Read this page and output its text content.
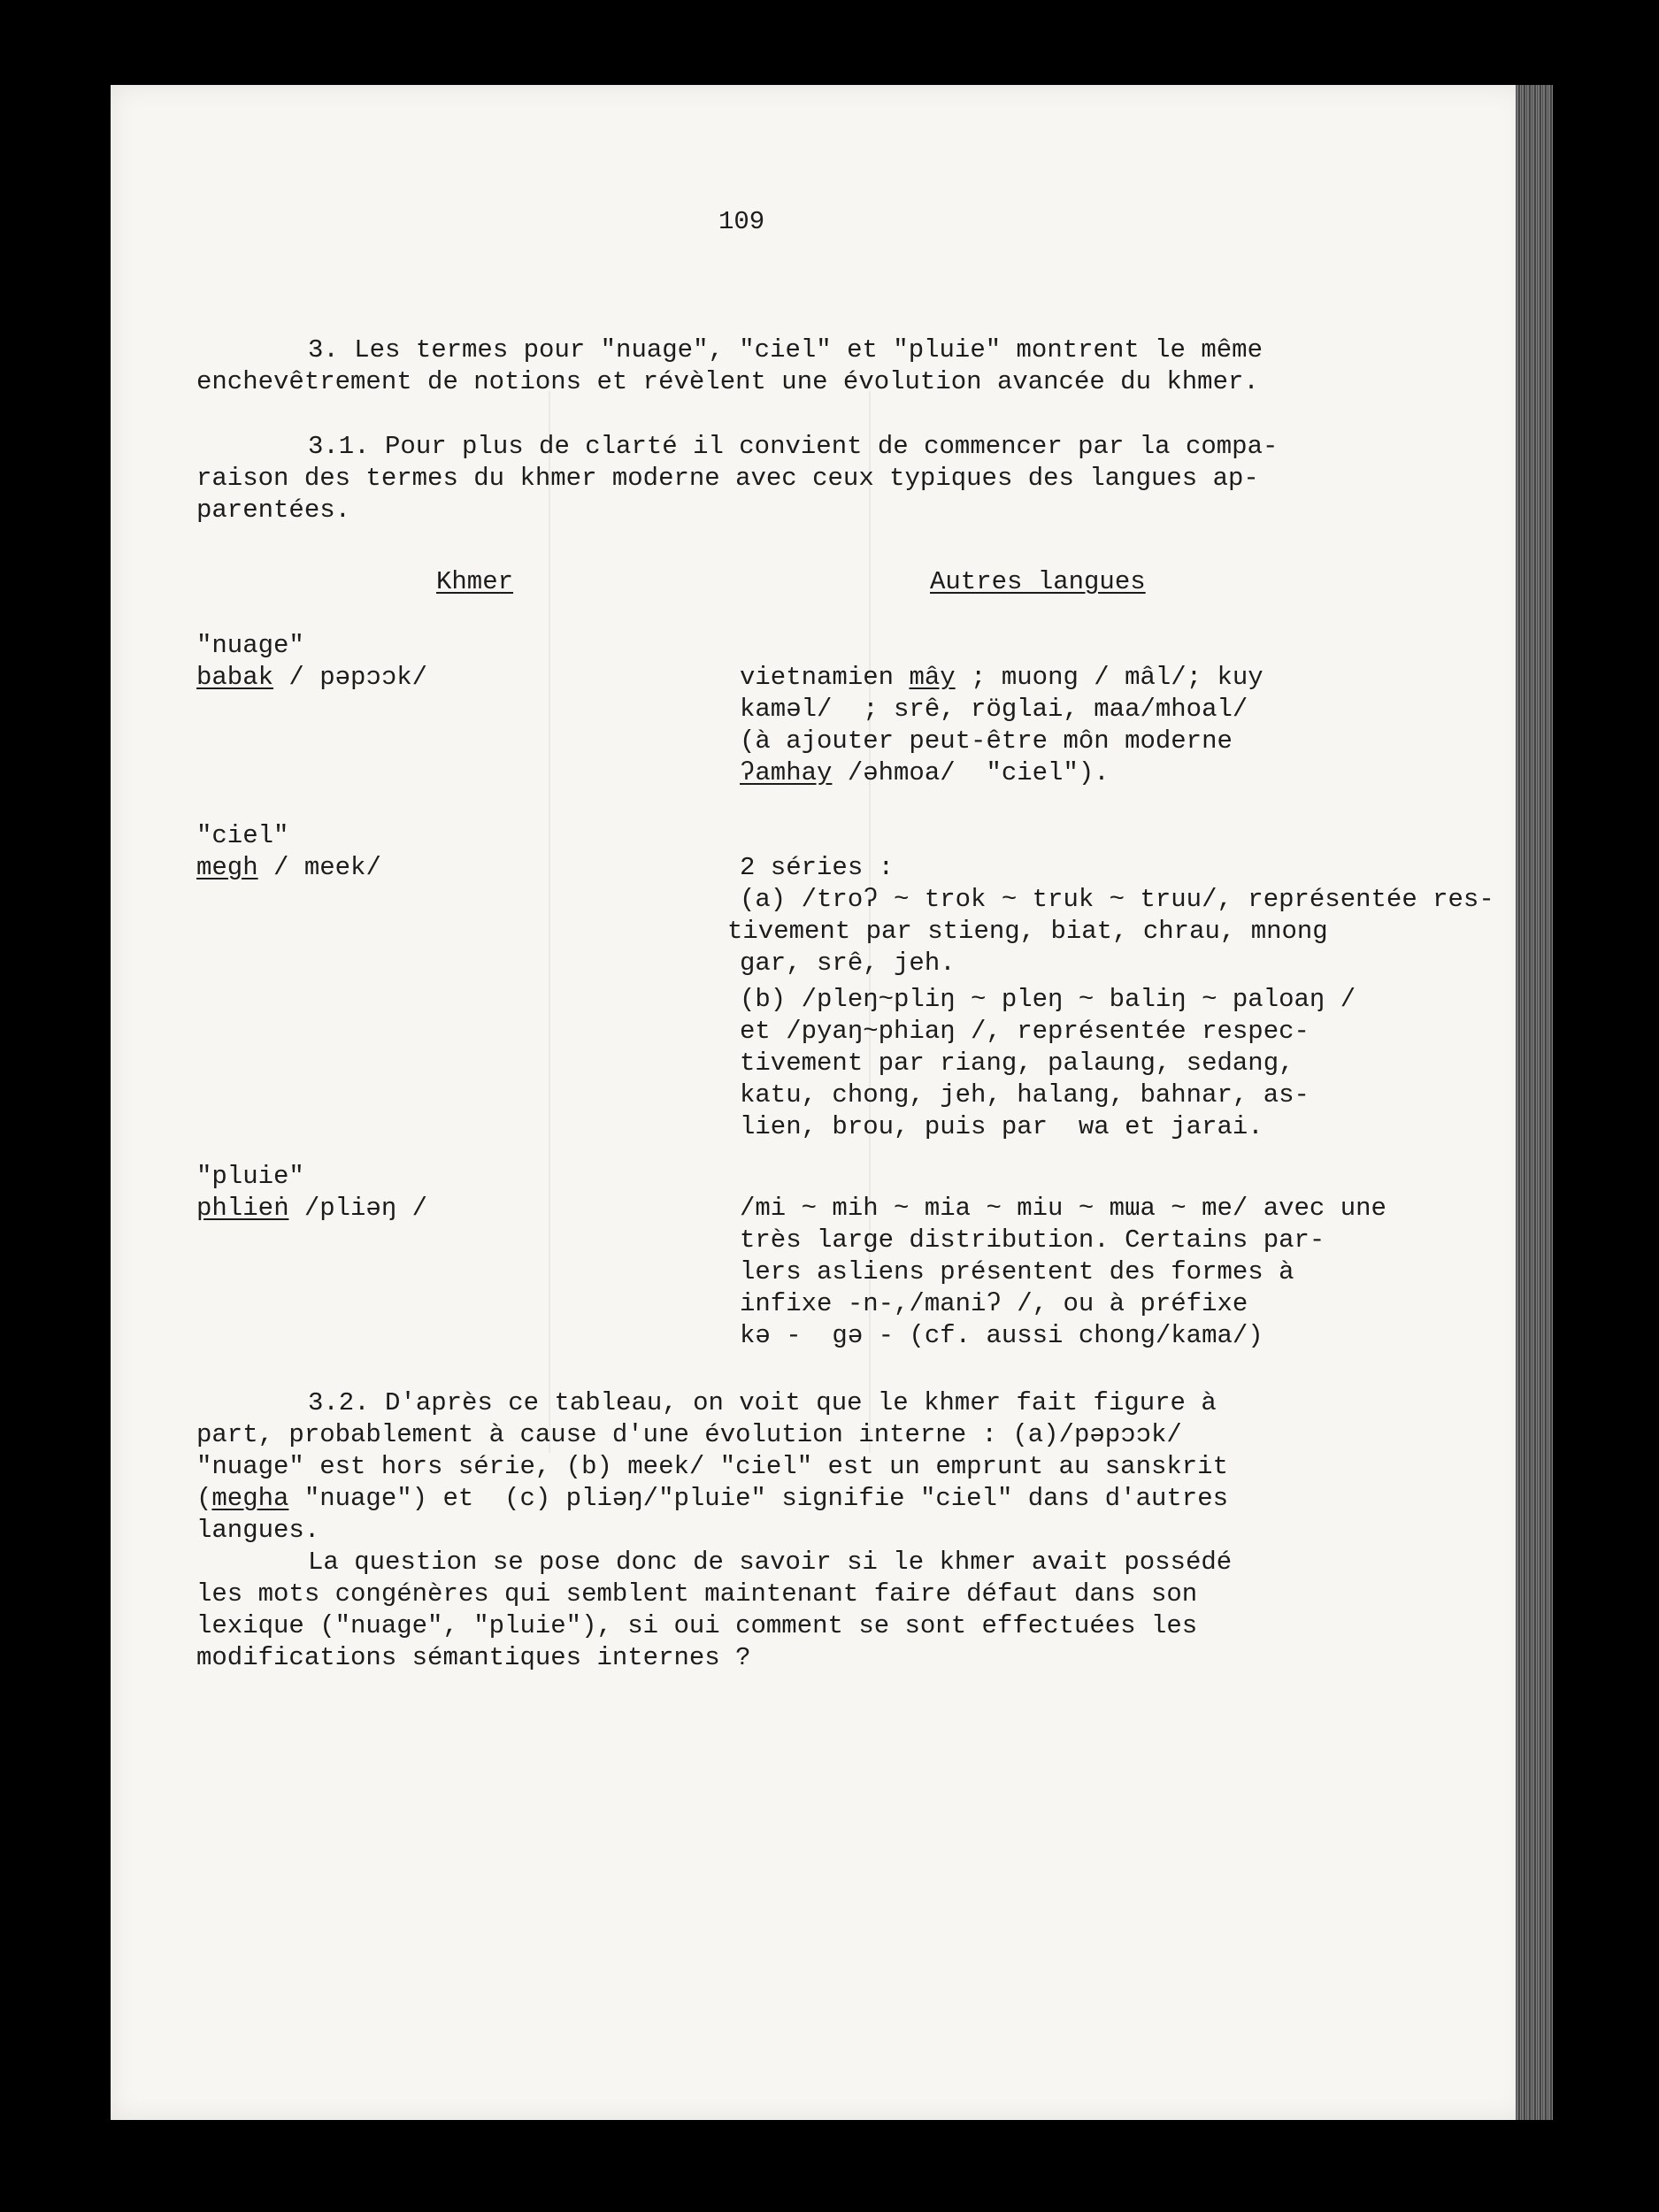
109

3. Les termes pour "nuage", "ciel" et "pluie" montrent le même

enchevêtrement de notions et révèlent une évolution avancée du khmer.

3.1. Pour plus de clarté il convient de commencer par la compa-

raison des termes du khmer moderne avec ceux typiques des langues ap-

parentées.

Khmer	Autres langues

"nuage"

babak / pəpɔɔk/	vietnamien mây ; muong / mâl/; kuy

kaməl/  ; srê, röglai, maa/mhoal/

(à ajouter peut-être môn moderne

ʔamhay /əhmoa/  "ciel").

"ciel"

megh / meek/	2 séries :

(a) /troʔ ~ trok ~ truk ~ truu/, représentée res-

tivement par stieng, biat, chrau, mnong

gar, srê, jeh.

(b) /pleŋ~pliŋ ~ pleŋ ~ baliŋ ~ paloaŋ /

et /pyaŋ~phiaŋ /, représentée respec-

tivement par riang, palaung, sedang,

katu, chong, jeh, halang, bahnar, as-

lien, brou, puis par  wa et jarai.

"pluie"

phlieṅ /pliəŋ /	/mi ~ mih ~ mia ~ miu ~ mɯa ~ me/ avec une

très large distribution. Certains par-

lers asliens présentent des formes à

infixe -n-,/maniʔ /, ou à préfixe

kə -  gə - (cf. aussi chong/kama/)

3.2. D'après ce tableau, on voit que le khmer fait figure à

part, probablement à cause d'une évolution interne : (a)/pəpɔɔk/

"nuage" est hors série, (b) meek/ "ciel" est un emprunt au sanskrit

(megha "nuage") et  (c) pliəŋ/"pluie" signifie "ciel" dans d'autres

langues.

La question se pose donc de savoir si le khmer avait possédé

les mots congénères qui semblent maintenant faire défaut dans son

lexique ("nuage", "pluie"), si oui comment se sont effectuées les

modifications sémantiques internes ?
